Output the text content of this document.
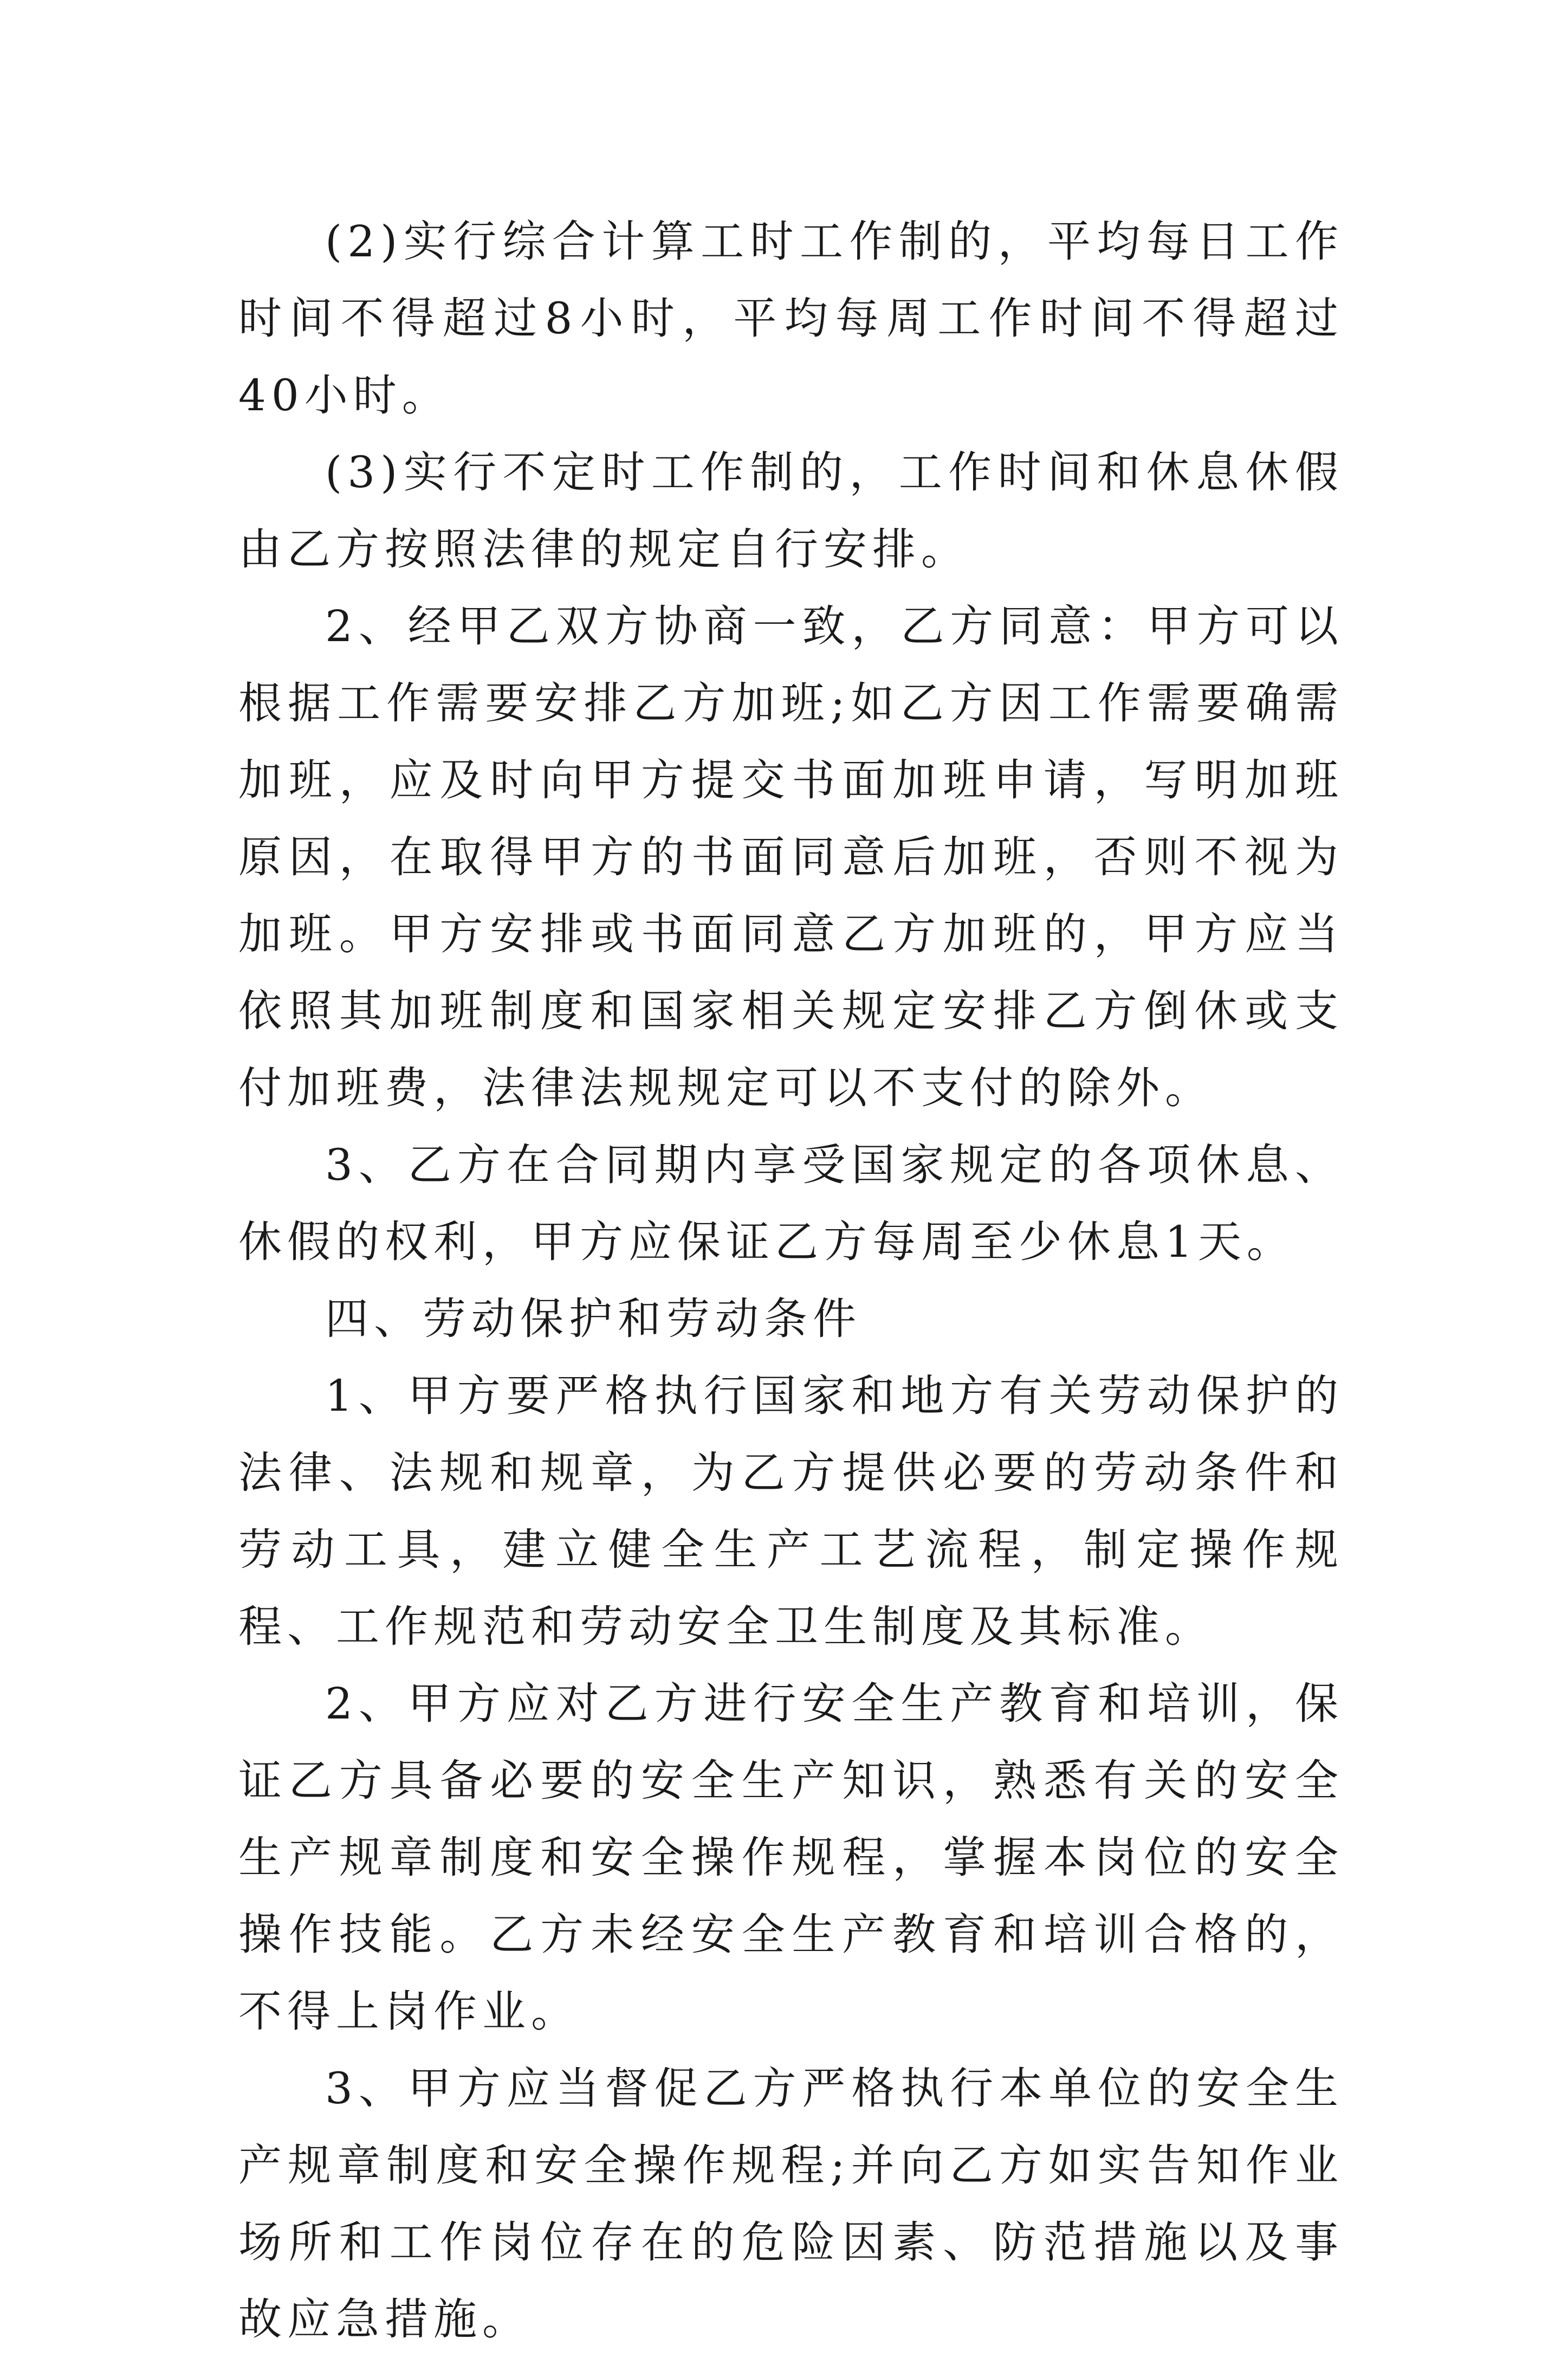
(2)实行综合计算工时工作制的，平均每日工作时间不得超过8小时，平均每周工作时间不得超过40小时。

(3)实行不定时工作制的，工作时间和休息休假由乙方按照法律的规定自行安排。

2、经甲乙双方协商一致，乙方同意：甲方可以根据工作需要安排乙方加班;如乙方因工作需要确需加班，应及时向甲方提交书面加班申请，写明加班原因，在取得甲方的书面同意后加班，否则不视为加班。甲方安排或书面同意乙方加班的，甲方应当依照其加班制度和国家相关规定安排乙方倒休或支付加班费，法律法规规定可以不支付的除外。

3、乙方在合同期内享受国家规定的各项休息、休假的权利，甲方应保证乙方每周至少休息1天。

四、劳动保护和劳动条件

1、甲方要严格执行国家和地方有关劳动保护的法律、法规和规章，为乙方提供必要的劳动条件和劳动工具，建立健全生产工艺流程，制定操作规程、工作规范和劳动安全卫生制度及其标准。

2、甲方应对乙方进行安全生产教育和培训，保证乙方具备必要的安全生产知识，熟悉有关的安全生产规章制度和安全操作规程，掌握本岗位的安全操作技能。乙方未经安全生产教育和培训合格的，不得上岗作业。

3、甲方应当督促乙方严格执行本单位的安全生产规章制度和安全操作规程;并向乙方如实告知作业场所和工作岗位存在的危险因素、防范措施以及事故应急措施。
